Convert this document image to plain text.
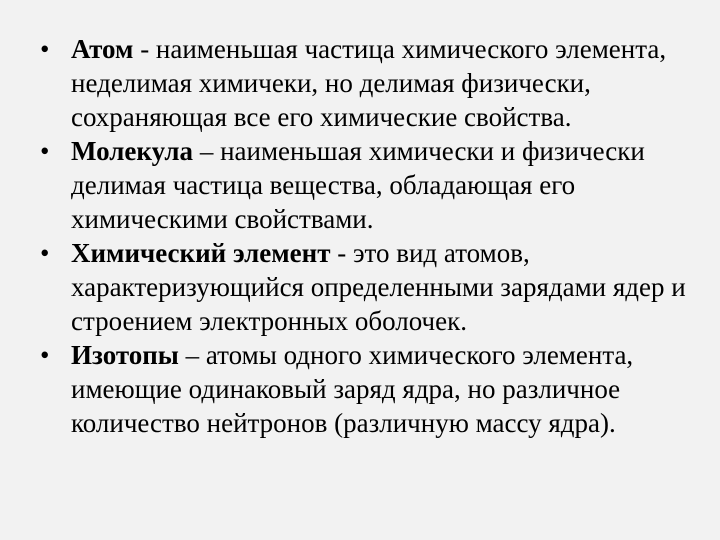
• Атом - наименьшая частица химического элемента, неделимая химичеки, но делимая физически, сохраняющая все его химические свойства.
• Молекула – наименьшая химически и физически делимая частица вещества, обладающая его химическими свойствами.
• Химический элемент - это вид атомов, характеризующийся определенными зарядами ядер и строением электронных оболочек.
• Изотопы – атомы одного химического элемента, имеющие одинаковый заряд ядра, но различное количество нейтронов (различную массу ядра).
